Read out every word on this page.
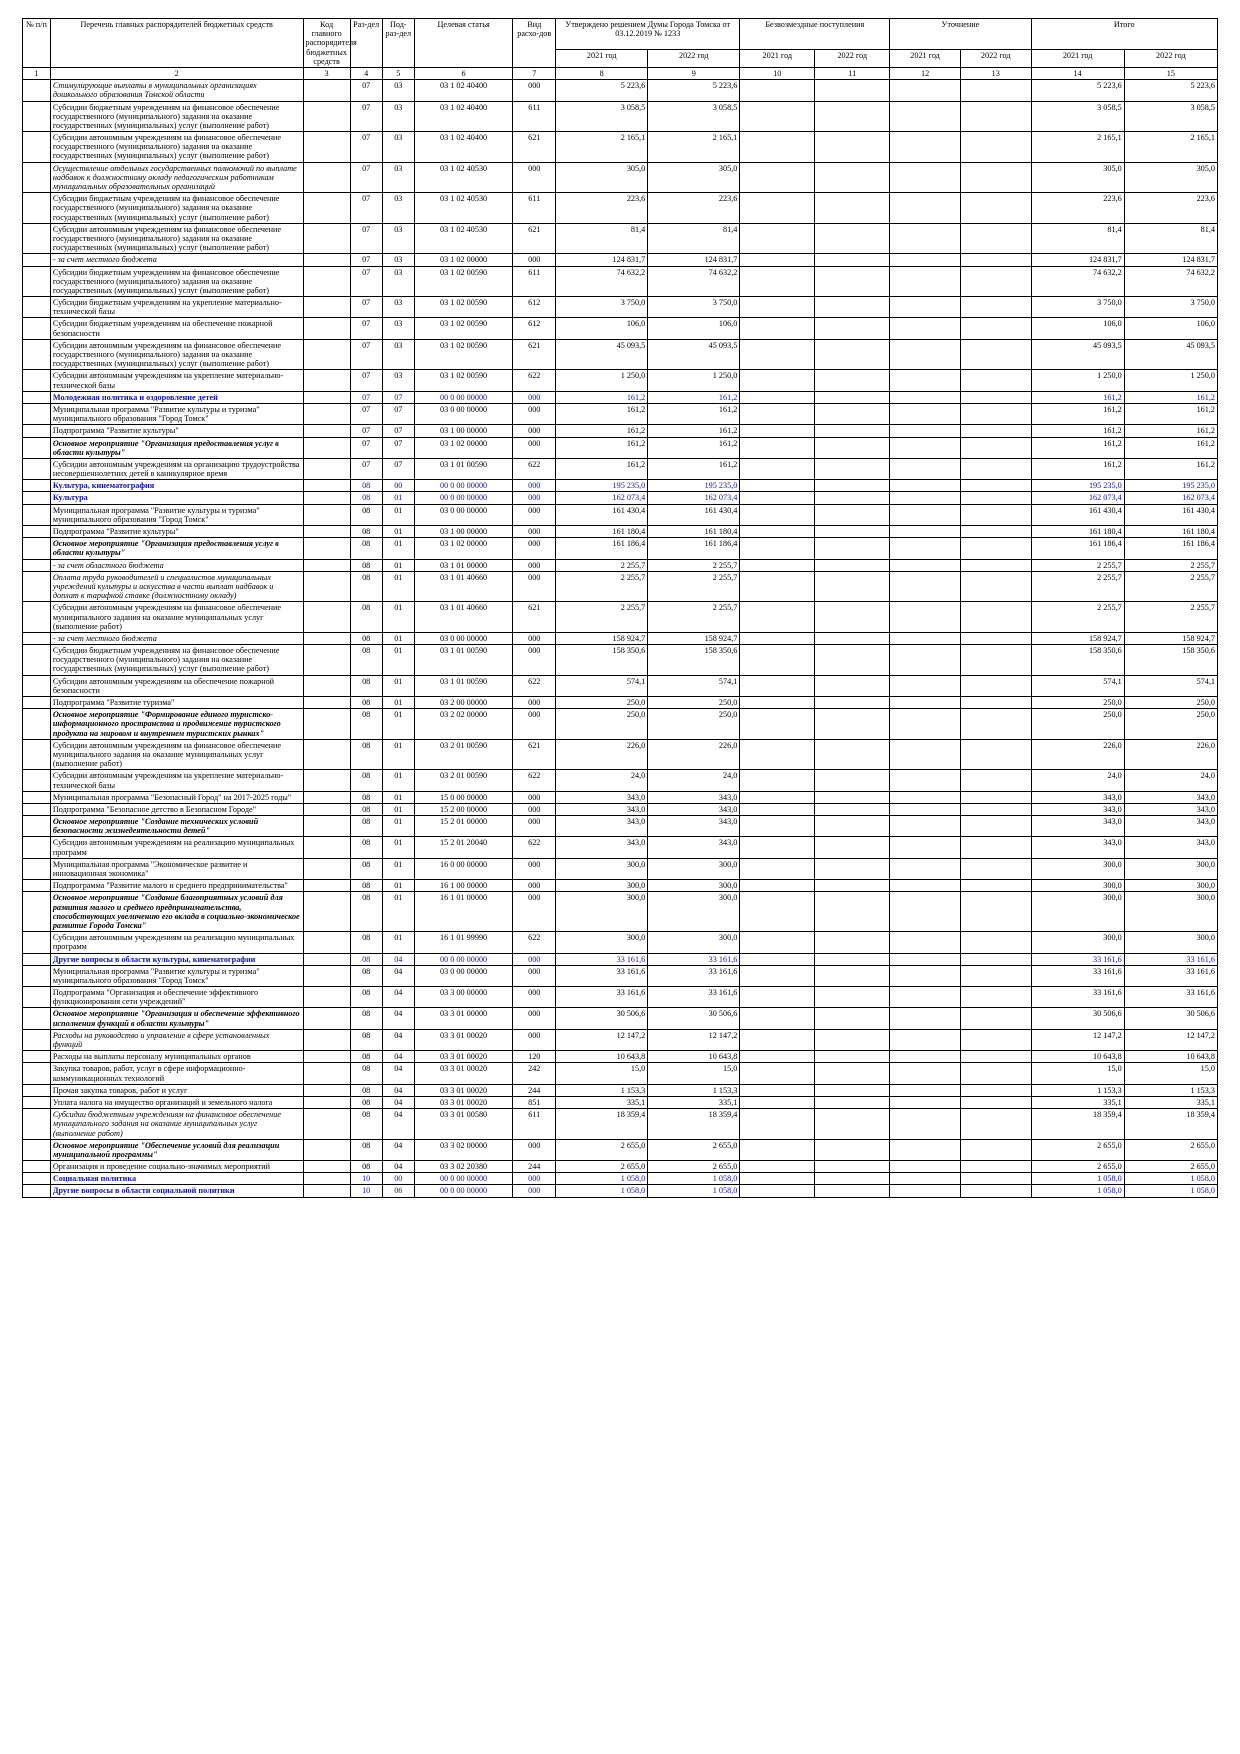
№ п/п	Перечень главных распорядителей бюджетных средств	Код главного распорядителя бюджетных средств	Раз-дел	Под-раз-дел	Целевая статья	Вид расхо-дов	Утверждено решением Думы Города Томска от 03.12.2019 № 1233		Безвозмездные поступления		Уточнение		Итого	
							2021 год	2022 год	2021 год	2022 год	2021 год	2022 год	2021 год	2022 год
1	2	3	4	5	6	7	8	9	10	11	12	13	14	15
	Стимулирующие выплаты в муниципальных организациях дошкольного образования Томской области		07	03	03 1 02 40400	000	5 223,6	5 223,6					5 223,6	5 223,6
	Субсидии бюджетным учреждениям на финансовое обеспечение государственного (муниципального) задания на оказание государственных (муниципальных) услуг (выполнение работ)		07	03	03 1 02 40400	611	3 058,5	3 058,5					3 058,5	3 058,5
	Субсидии автономным учреждениям на финансовое обеспечение государственного (муниципального) задания на оказание государственных (муниципальных) услуг (выполнение работ)		07	03	03 1 02 40400	621	2 165,1	2 165,1					2 165,1	2 165,1
	Осуществление отдельных государственных полномочий по выплате надбавок к должностному окладу педагогическим работникам муниципальных образовательных организаций		07	03	03 1 02 40530	000	305,0	305,0					305,0	305,0
	Субсидии бюджетным учреждениям на финансовое обеспечение государственного (муниципального) задания на оказание государственных (муниципальных) услуг (выполнение работ)		07	03	03 1 02 40530	611	223,6	223,6					223,6	223,6
	Субсидии автономным учреждениям на финансовое обеспечение государственного (муниципального) задания на оказание государственных (муниципальных) услуг (выполнение работ)		07	03	03 1 02 40530	621	81,4	81,4					81,4	81,4
	- за счет местного бюджета		07	03	03 1 02 00000	000	124 831,7	124 831,7					124 831,7	124 831,7
	Субсидии бюджетным учреждениям на финансовое обеспечение государственного (муниципального) задания на оказание государственных (муниципальных) услуг (выполнение работ)		07	03	03 1 02 00590	611	74 632,2	74 632,2					74 632,2	74 632,2
	Субсидии бюджетным учреждениям на укрепление материально-технической базы		07	03	03 1 02 00590	612	3 750,0	3 750,0					3 750,0	3 750,0
	Субсидии бюджетным учреждениям на обеспечение пожарной безопасности		07	03	03 1 02 00590	612	106,0	106,0					106,0	106,0
	Субсидии автономным учреждениям на финансовое обеспечение государственного (муниципального) задания на оказание государственных (муниципальных) услуг (выполнение работ)		07	03	03 1 02 00590	621	45 093,5	45 093,5					45 093,5	45 093,5
	Субсидии автономным учреждениям на укрепление материально-технической базы		07	03	03 1 02 00590	622	1 250,0	1 250,0					1 250,0	1 250,0
	Молодежная политика и оздоровление детей		07	07	00 0 00 00000	000	161,2	161,2					161,2	161,2
	Муниципальная программа "Развитие культуры и туризма" муниципального образования "Город Томск"		07	07	03 0 00 00000	000	161,2	161,2					161,2	161,2
	Подпрограмма "Развитие культуры"		07	07	03 1 00 00000	000	161,2	161,2					161,2	161,2
	Основное мероприятие "Организация предоставления услуг в области культуры"		07	07	03 1 02 00000	000	161,2	161,2					161,2	161,2
	Субсидии автономным учреждениям на организацию трудоустройства несовершеннолетних детей в каникулярное время		07	07	03 1 01 00590	622	161,2	161,2					161,2	161,2
	Культура, кинематография		08	00	00 0 00 00000	000	195 235,0	195 235,0					195 235,0	195 235,0
	Культура		08	01	00 0 00 00000	000	162 073,4	162 073,4					162 073,4	162 073,4
	Муниципальная программа "Развитие культуры и туризма" муниципального образования "Город Томск"		08	01	03 0 00 00000	000	161 430,4	161 430,4					161 430,4	161 430,4
	Подпрограмма "Развитие культуры"		08	01	03 1 00 00000	000	161 180,4	161 180,4					161 180,4	161 180,4
	Основное мероприятие "Организация предоставления услуг в области культуры"		08	01	03 1 02 00000	000	161 186,4	161 186,4					161 186,4	161 186,4
	- за счет областного бюджета		08	01	03 1 01 00000	000	2 255,7	2 255,7					2 255,7	2 255,7
	Оплата труда руководителей и специалистов муниципальных учреждений культуры и искусства в части выплат надбавок и доплат к тарифной ставке (должностному окладу)		08	01	03 1 01 40660	000	2 255,7	2 255,7					2 255,7	2 255,7
	Субсидии автономным учреждениям на финансовое обеспечение муниципального задания на оказание муниципальных услуг (выполнение работ)		08	01	03 1 01 40660	621	2 255,7	2 255,7					2 255,7	2 255,7
	- за счет местного бюджета		08	01	03 0 00 00000	000	158 924,7	158 924,7					158 924,7	158 924,7
	Субсидии бюджетным учреждениям на финансовое обеспечение государственного (муниципального) задания на оказание государственных (муниципальных) услуг (выполнение работ)		08	01	03 1 01 00590	000	158 350,6	158 350,6					158 350,6	158 350,6
	Субсидии автономным учреждениям на обеспечение пожарной безопасности		08	01	03 1 01 00590	622	574,1	574,1					574,1	574,1
	Подпрограмма "Развитие туризма"		08	01	03 2 00 00000	000	250,0	250,0					250,0	250,0
	Основное мероприятие "Формирование единого туристско-информационного пространства и продвижение туристского продукта на мировом и внутреннем туристских рынках"		08	01	03 2 02 00000	000	250,0	250,0					250,0	250,0
	Субсидии автономным учреждениям на финансовое обеспечение муниципального задания на оказание муниципальных услуг (выполнение работ)		08	01	03 2 01 00590	621	226,0	226,0					226,0	226,0
	Субсидии автономным учреждениям на укрепление материально-технической базы		08	01	03 2 01 00590	622	24,0	24,0					24,0	24,0
	Муниципальная программа "Безопасный Город" на 2017-2025 годы"		08	01	15 0 00 00000	000	343,0	343,0					343,0	343,0
	Подпрограмма "Безопасное детство в Безопасном Городе"		08	01	15 2 00 00000	000	343,0	343,0					343,0	343,0
	Основное мероприятие "Создание технических условий безопасности жизнедеятельности детей"		08	01	15 2 01 00000	000	343,0	343,0					343,0	343,0
	Субсидии автономным учреждениям на реализацию муниципальных программ		08	01	15 2 01 20040	622	343,0	343,0					343,0	343,0
	Муниципальная программа "Экономическое развитие и инновационная экономика"		08	01	16 0 00 00000	000	300,0	300,0					300,0	300,0
	Подпрограмма "Развитие малого и среднего предпринимательства"		08	01	16 1 00 00000	000	300,0	300,0					300,0	300,0
	Основное мероприятие "Создание благоприятных условий для развития малого и среднего предпринимательства, способствующих увеличению его вклада в социально-экономическое развитие Города Томска"		08	01	16 1 01 00000	000	300,0	300,0					300,0	300,0
	Субсидии автономным учреждениям на реализацию муниципальных программ		08	01	16 1 01 99990	622	300,0	300,0					300,0	300,0
	Другие вопросы в области культуры, кинематографии		08	04	00 0 00 00000	000	33 161,6	33 161,6					33 161,6	33 161,6
	Муниципальная программа "Развитие культуры и туризма" муниципального образования "Город Томск"		08	04	03 0 00 00000	000	33 161,6	33 161,6					33 161,6	33 161,6
	Подпрограмма "Организация и обеспечение эффективного функционирования сети учреждений"		08	04	03 3 00 00000	000	33 161,6	33 161,6					33 161,6	33 161,6
	Основное мероприятие "Организация и обеспечение эффективного исполнения функций в области культуры"		08	04	03 3 01 00000	000	30 506,6	30 506,6					30 506,6	30 506,6
	Расходы на руководство и управление в сфере установленных функций		08	04	03 3 01 00020	000	12 147,2	12 147,2					12 147,2	12 147,2
	Расходы на выплаты персоналу муниципальных органов		08	04	03 3 01 00020	120	10 643,8	10 643,8					10 643,8	10 643,8
	Закупка товаров, работ, услуг в сфере информационно-коммуникационных технологий		08	04	03 3 01 00020	242	15,0	15,0					15,0	15,0
	Прочая закупка товаров, работ и услуг		08	04	03 3 01 00020	244	1 153,3	1 153,3					1 153,3	1 153,3
	Уплата налога на имущество организаций и земельного налога		08	04	03 3 01 00020	851	335,1	335,1					335,1	335,1
	Субсидии бюджетным учреждениям на финансовое обеспечение муниципального задания на оказание муниципальных услуг (выполнение работ)		08	04	03 3 01 00580	611	18 359,4	18 359,4					18 359,4	18 359,4
	Основное мероприятие "Обеспечение условий для реализации муниципальной программы"		08	04	03 3 02 00000	000	2 655,0	2 655,0					2 655,0	2 655,0
	Организация и проведение социально-значимых мероприятий		08	04	03 3 02 20380	244	2 655,0	2 655,0					2 655,0	2 655,0
	Социальная политика		10	00	00 0 00 00000	000	1 058,0	1 058,0					1 058,0	1 058,0
	Другие вопросы в области социальной политики		10	06	00 0 00 00000	000	1 058,0	1 058,0					1 058,0	1 058,0
